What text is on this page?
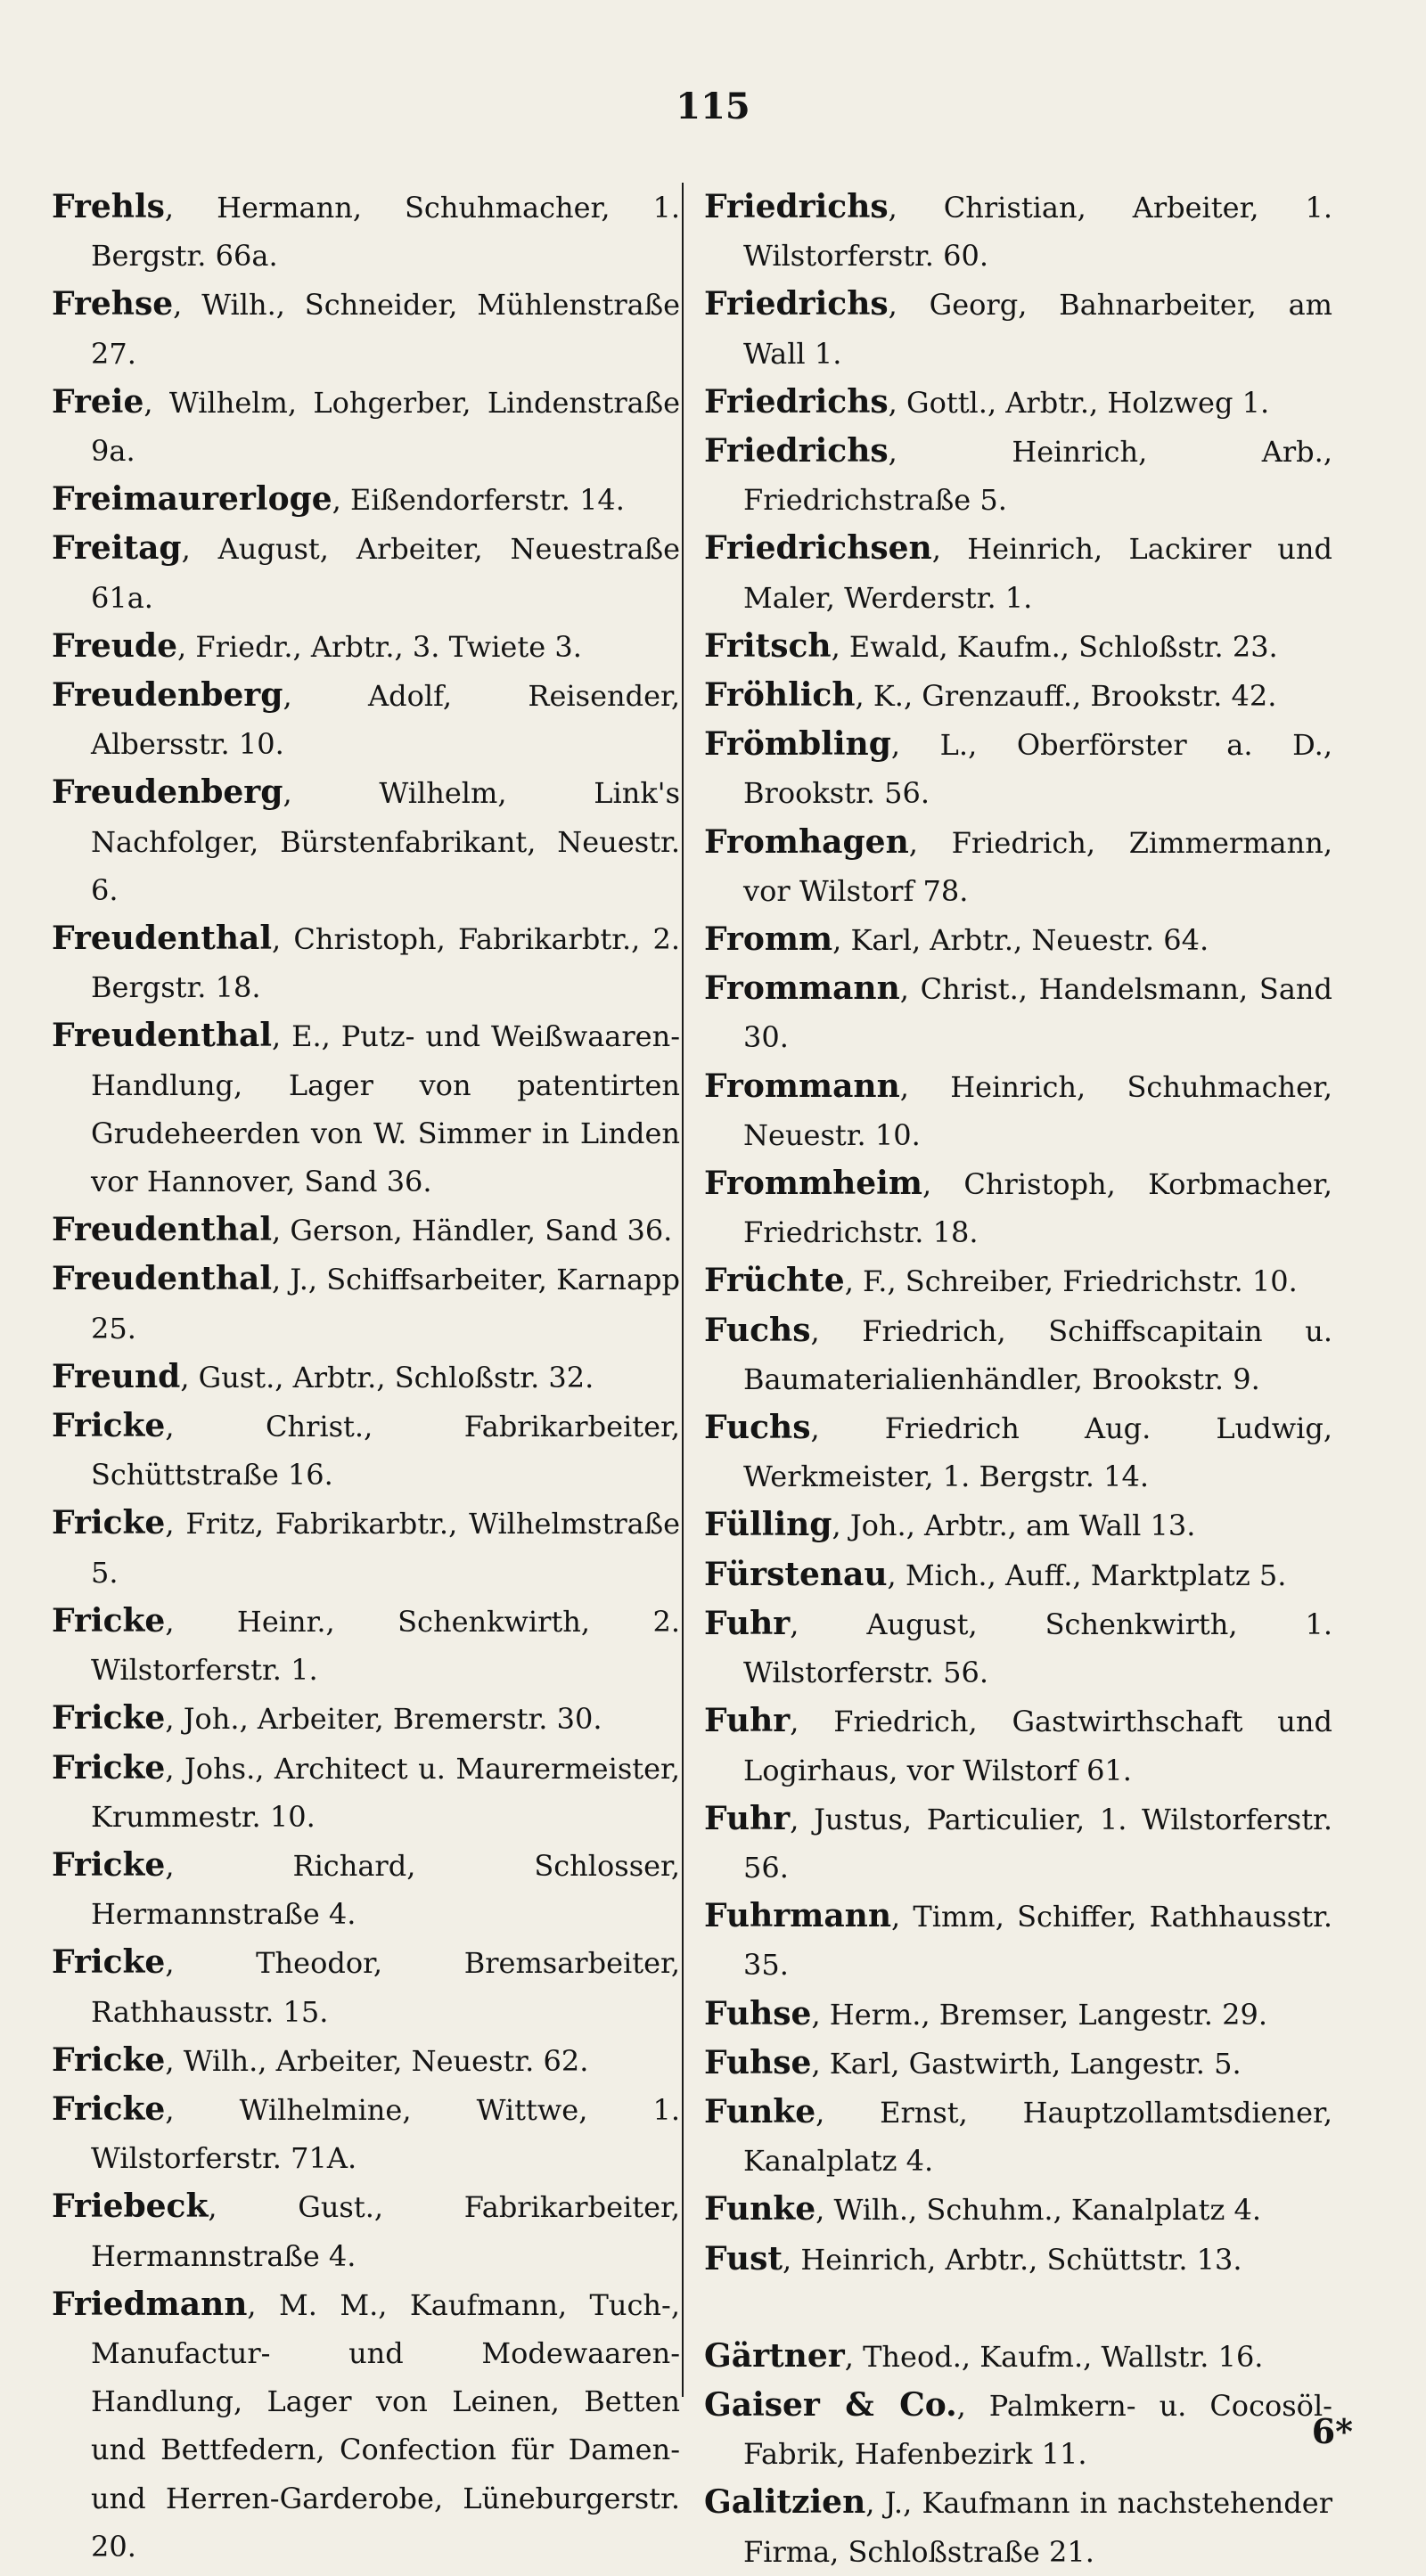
115
Frehls, Hermann, Schuhmacher, 1. Bergstr. 66a.
Frehse, Wilh., Schneider, Mühlenstraße 27.
Freie, Wilhelm, Lohgerber, Lindenstraße 9a.
Freimaurerloge, Eißendorferstr. 14.
Freitag, August, Arbeiter, Neuestraße 61a.
Freude, Friedr., Arbtr., 3. Twiete 3.
Freudenberg, Adolf, Reisender, Albersstr. 10.
Freudenberg, Wilhelm, Link's Nachfolger, Bürstenfabrikant, Neuestr. 6.
Freudenthal, Christoph, Fabrikarbtr., 2. Bergstr. 18.
Freudenthal, E., Putz- und Weißwaaren-Handlung, Lager von patentirten Grudeheerden von W. Simmer in Linden vor Hannover, Sand 36.
Freudenthal, Gerson, Händler, Sand 36.
Freudenthal, J., Schiffsarbeiter, Karnapp 25.
Freund, Gust., Arbtr., Schloßstr. 32.
Fricke, Christ., Fabrikarbeiter, Schüttstraße 16.
Fricke, Fritz, Fabrikarbtr., Wilhelmstraße 5.
Fricke, Heinr., Schenkwirth, 2. Wilstorferstr. 1.
Fricke, Joh., Arbeiter, Bremerstr. 30.
Fricke, Johs., Architect u. Maurermeister, Krummestr. 10.
Fricke, Richard, Schlosser, Hermannstraße 4.
Fricke, Theodor, Bremsarbeiter, Rathhausstr. 15.
Fricke, Wilh., Arbeiter, Neuestr. 62.
Fricke, Wilhelmine, Wittwe, 1. Wilstorferstr. 71A.
Friebeck, Gust., Fabrikarbeiter, Hermannstraße 4.
Friedmann, M. M., Kaufmann, Tuch-, Manufactur- und Modewaaren-Handlung, Lager von Leinen, Betten und Bettfedern, Confection für Damen- und Herren-Garderobe, Lüneburgerstr. 20.
Friedrichs, Christian, Arbeiter, 1. Wilstorferstr. 60.
Friedrichs, Georg, Bahnarbeiter, am Wall 1.
Friedrichs, Gottl., Arbtr., Holzweg 1.
Friedrichs, Heinrich, Arb., Friedrichstraße 5.
Friedrichsen, Heinrich, Lackirer und Maler, Werderstr. 1.
Fritsch, Ewald, Kaufm., Schloßstr. 23.
Fröhlich, K., Grenzauff., Brookstr. 42.
Frömbling, L., Oberförster a. D., Brookstr. 56.
Fromhagen, Friedrich, Zimmermann, vor Wilstorf 78.
Fromm, Karl, Arbtr., Neuestr. 64.
Frommann, Christ., Handelsmann, Sand 30.
Frommann, Heinrich, Schuhmacher, Neuestr. 10.
Frommheim, Christoph, Korbmacher, Friedrichstr. 18.
Früchte, F., Schreiber, Friedrichstr. 10.
Fuchs, Friedrich, Schiffscapitain u. Baumaterialienhändler, Brookstr. 9.
Fuchs, Friedrich Aug. Ludwig, Werkmeister, 1. Bergstr. 14.
Fülling, Joh., Arbtr., am Wall 13.
Fürstenau, Mich., Auff., Marktplatz 5.
Fuhr, August, Schenkwirth, 1. Wilstorferstr. 56.
Fuhr, Friedrich, Gastwirthschaft und Logirhaus, vor Wilstorf 61.
Fuhr, Justus, Particulier, 1. Wilstorferstr. 56.
Fuhrmann, Timm, Schiffer, Rathhausstr. 35.
Fuhse, Herm., Bremser, Langestr. 29.
Fuhse, Karl, Gastwirth, Langestr. 5.
Funke, Ernst, Hauptzollamtsdiener, Kanalplatz 4.
Funke, Wilh., Schuhm., Kanalplatz 4.
Fust, Heinrich, Arbtr., Schüttstr. 13.
Gärtner, Theod., Kaufm., Wallstr. 16.
Gaiser & Co., Palmkern- u. Cocosöl-Fabrik, Hafenbezirk 11.
Galitzien, J., Kaufmann in nachstehender Firma, Schloßstraße 21.
6*
